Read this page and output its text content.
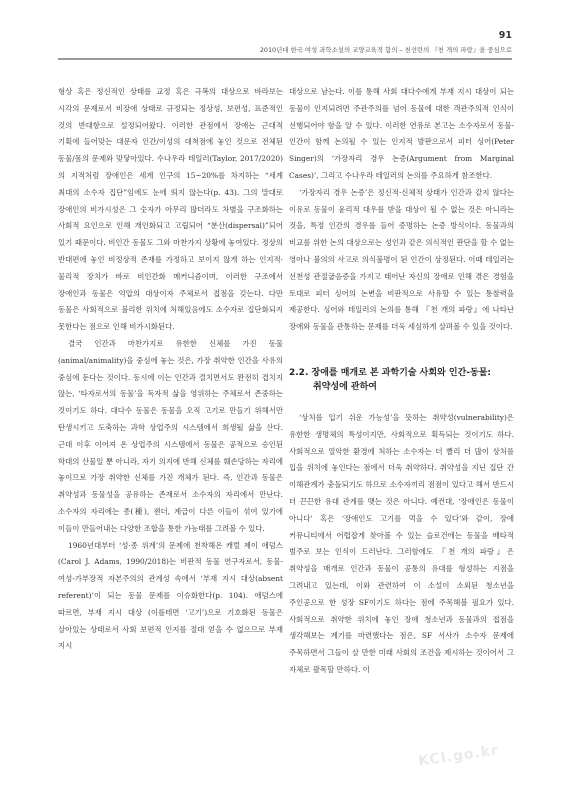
91
2010년대 한국 여성 과학소설의 교양교육적 함의 – 천선란의 『천 개의 파랑』을 중심으로

형상 혹은 정신적인 상태를 교정 혹은 극복의 대상으로 바라보는 시각의 문제로서 비장애 상태로 규정되는 정상성, 보편성, 표준적인 것의 반대항으로 설정되어왔다. 이러한 관점에서 장애는 근대적 기획에 들어맞는 대문자 인간/이성의 대척점에 놓인 것으로 전체된 동물/몸의 문제와 맞닿아있다. 수나우라 테일러(Taylor, 2017/2020)의 지적처럼 장애인은 세계 인구의 15~20%를 차지하는 “세계 최대의 소수자 집단”임에도 눈에 띄지 않는다(p. 43). 그의 말대로 장애인의 비가시성은 그 숫자가 아무리 많더라도 차별을 구조화하는 사회적 요인으로 인해 개인화되고 고립되어 “분산(dispersal)”되어 있기 때문이다. 비인간 동물도 그와 마찬가지 상황에 놓여있다. 정상의 반대편에 놓인 비정상적 존재를 가정하고 보이지 않게 하는 인지적·물리적 장치가 바로 비인간화 메커니즘이며, 이러한 구조에서 장애인과 동물은 억압의 대상이자 주체로서 접점을 갖는다. 다만 동물은 사회적으로 불리한 위치에 처해있음에도 소수자로 집단화되지 못한다는 점으로 인해 비가시화된다.

결국 인간과 마찬가지로 유한한 신체를 가진 동물(animal/animality)을 중심에 놓는 것은, 가장 취약한 인간을 사유의 중심에 둔다는 것이다. 동시에 이는 인간과 결치면서도 완전히 겹치지 않는, ‘타자로서의 동물’을 독자적 삶을 영위하는 주체로서 존중하는 것이기도 하다. 대다수 동물은 동물을 오직 고기로 만들기 위해서만 탄생시키고 도축하는 과학 상업주의 시스템에서 희생될 삶을 산다. 근대 이후 이어져 온 상업주의 시스템에서 동물은 공적으로 승인된 학대의 산물일 뿐 아니라, 자기 의지에 반해 신체를 훼손당하는 자리에 놓이므로 가장 취약한 신체를 가진 개체가 된다. 즉, 인간과 동물은 취약성과 동물성을 공유하는 존재로서 소수자의 자리에서 만난다. 소수자의 자리에는 종(種), 젠더, 계급이 다른 이들이 섞여 있기에 이들이 만들어내는 다양한 조합을 통한 가능태를 그려볼 수 있다.

1960년대부터 ‘성·종 위계’의 문제에 천착해온 캐럴 제이 애덤스(Carol J. Adams, 1990/2018)는 비판적 동물 연구자로서, 동물-여성-가부장적 자본주의의 관계성 속에서 ‘부재 지시 대상(absent referent)’이 되는 동물 문제를 이슈화한다(p. 104). 애덤스에 따르면, 부재 지시 대상 (이를테면 ‘고기’)으로 기호화된 동물은 살아있는 상태로서 사회 보편적 인지를 절대 얻을 수 없으므로 부재 지시

대상으로 남는다. 이를 통해 사회 대다수에게 부재 지시 대상이 되는 동물이 인지되려면 주관주의를 넘어 동물에 대한 객관주의적 인식이 선행되어야 함을 알 수 있다. 이러한 연유로 본고는 소수자로서 동물-인간이 함께 논의될 수 있는 인지적 발판으로서 피터 싱어(Peter Singer)의 ‘가장자리 경우 논증(Argument from Marginal Cases)’, 그리고 수나우라 테일러의 논의를 주요하게 참조한다.

‘가장자리 경우 논증’은 정신적·신체적 상태가 인간과 같지 않다는 이유로 동물이 윤리적 대우를 받을 대상이 될 수 없는 것은 아니라는 것을, 특정 인간의 경우를 들어 증명하는 논증 방식이다. 동물과의 비교를 위한 논의 대상으로는 성인과 같은 의식적인 판단을 할 수 없는 영아나 불의의 사고로 의식불명이 된 인간이 상정된다. 이때 테일러는 선천성 관절굽음증을 가지고 태어난 자신의 장애로 인해 겪은 경험을 토대로 피터 싱어의 논변을 비판적으로 사유할 수 있는 통찰력을 제공한다. 싱어와 테일러의 논의를 통해 『천 개의 파랑』에 나타난 장애와 동물을 관통하는 문제를 더욱 세심하게 살펴볼 수 있을 것이다.

2.2. 장애를 매개로 본 과학기술 사회와 인간-동물:
취약성에 관하여

‘상처를 입기 쉬운 가능성’을 뜻하는 취약성(vulnerability)은 유한한 생명체의 특성이지만, 사회적으로 획득되는 것이기도 하다. 사회적으로 열악한 환경에 처하는 소수자는 더 빨리 더 많이 상처를 입을 위치에 놓인다는 점에서 더욱 취약하다. 취약성을 지닌 집단 간 이해관계가 충돌되기도 하므로 소수자끼리 점점이 있다고 해서 반드시 더 끈끈한 유대 관계를 맺는 것은 아니다. 예컨대, ‘장애인은 동물이 아니다’ 혹은 ‘장애인도 고기를 먹을 수 있다’와 같이, 장애 커뮤니티에서 어렵잡게 찾아볼 수 있는 슬로건에는 동물을 배타적 범주로 보는 인식이 드러난다. 그러함에도 『천 개의 파랑』은 취약성을 매개로 인간과 동물이 공통의 유대를 형성하는 지점을 그려내고 있는데, 이와 관련하여 이 소설이 소외된 청소년을 주인공으로 한 성장 SF이기도 하다는 점에 주목해볼 필요가 있다. 사회적으로 취약한 위치에 놓인 장애 청소년과 동물과의 접점을 생각해보는 계기를 마련했다는 점은, SF 서사가 소수자 문제에 주목하면서 그들이 살 만한 미래 사회의 조건을 제시하는 것이어서 그 자체로 괄목할 만하다. 이

KCI.go.kr
